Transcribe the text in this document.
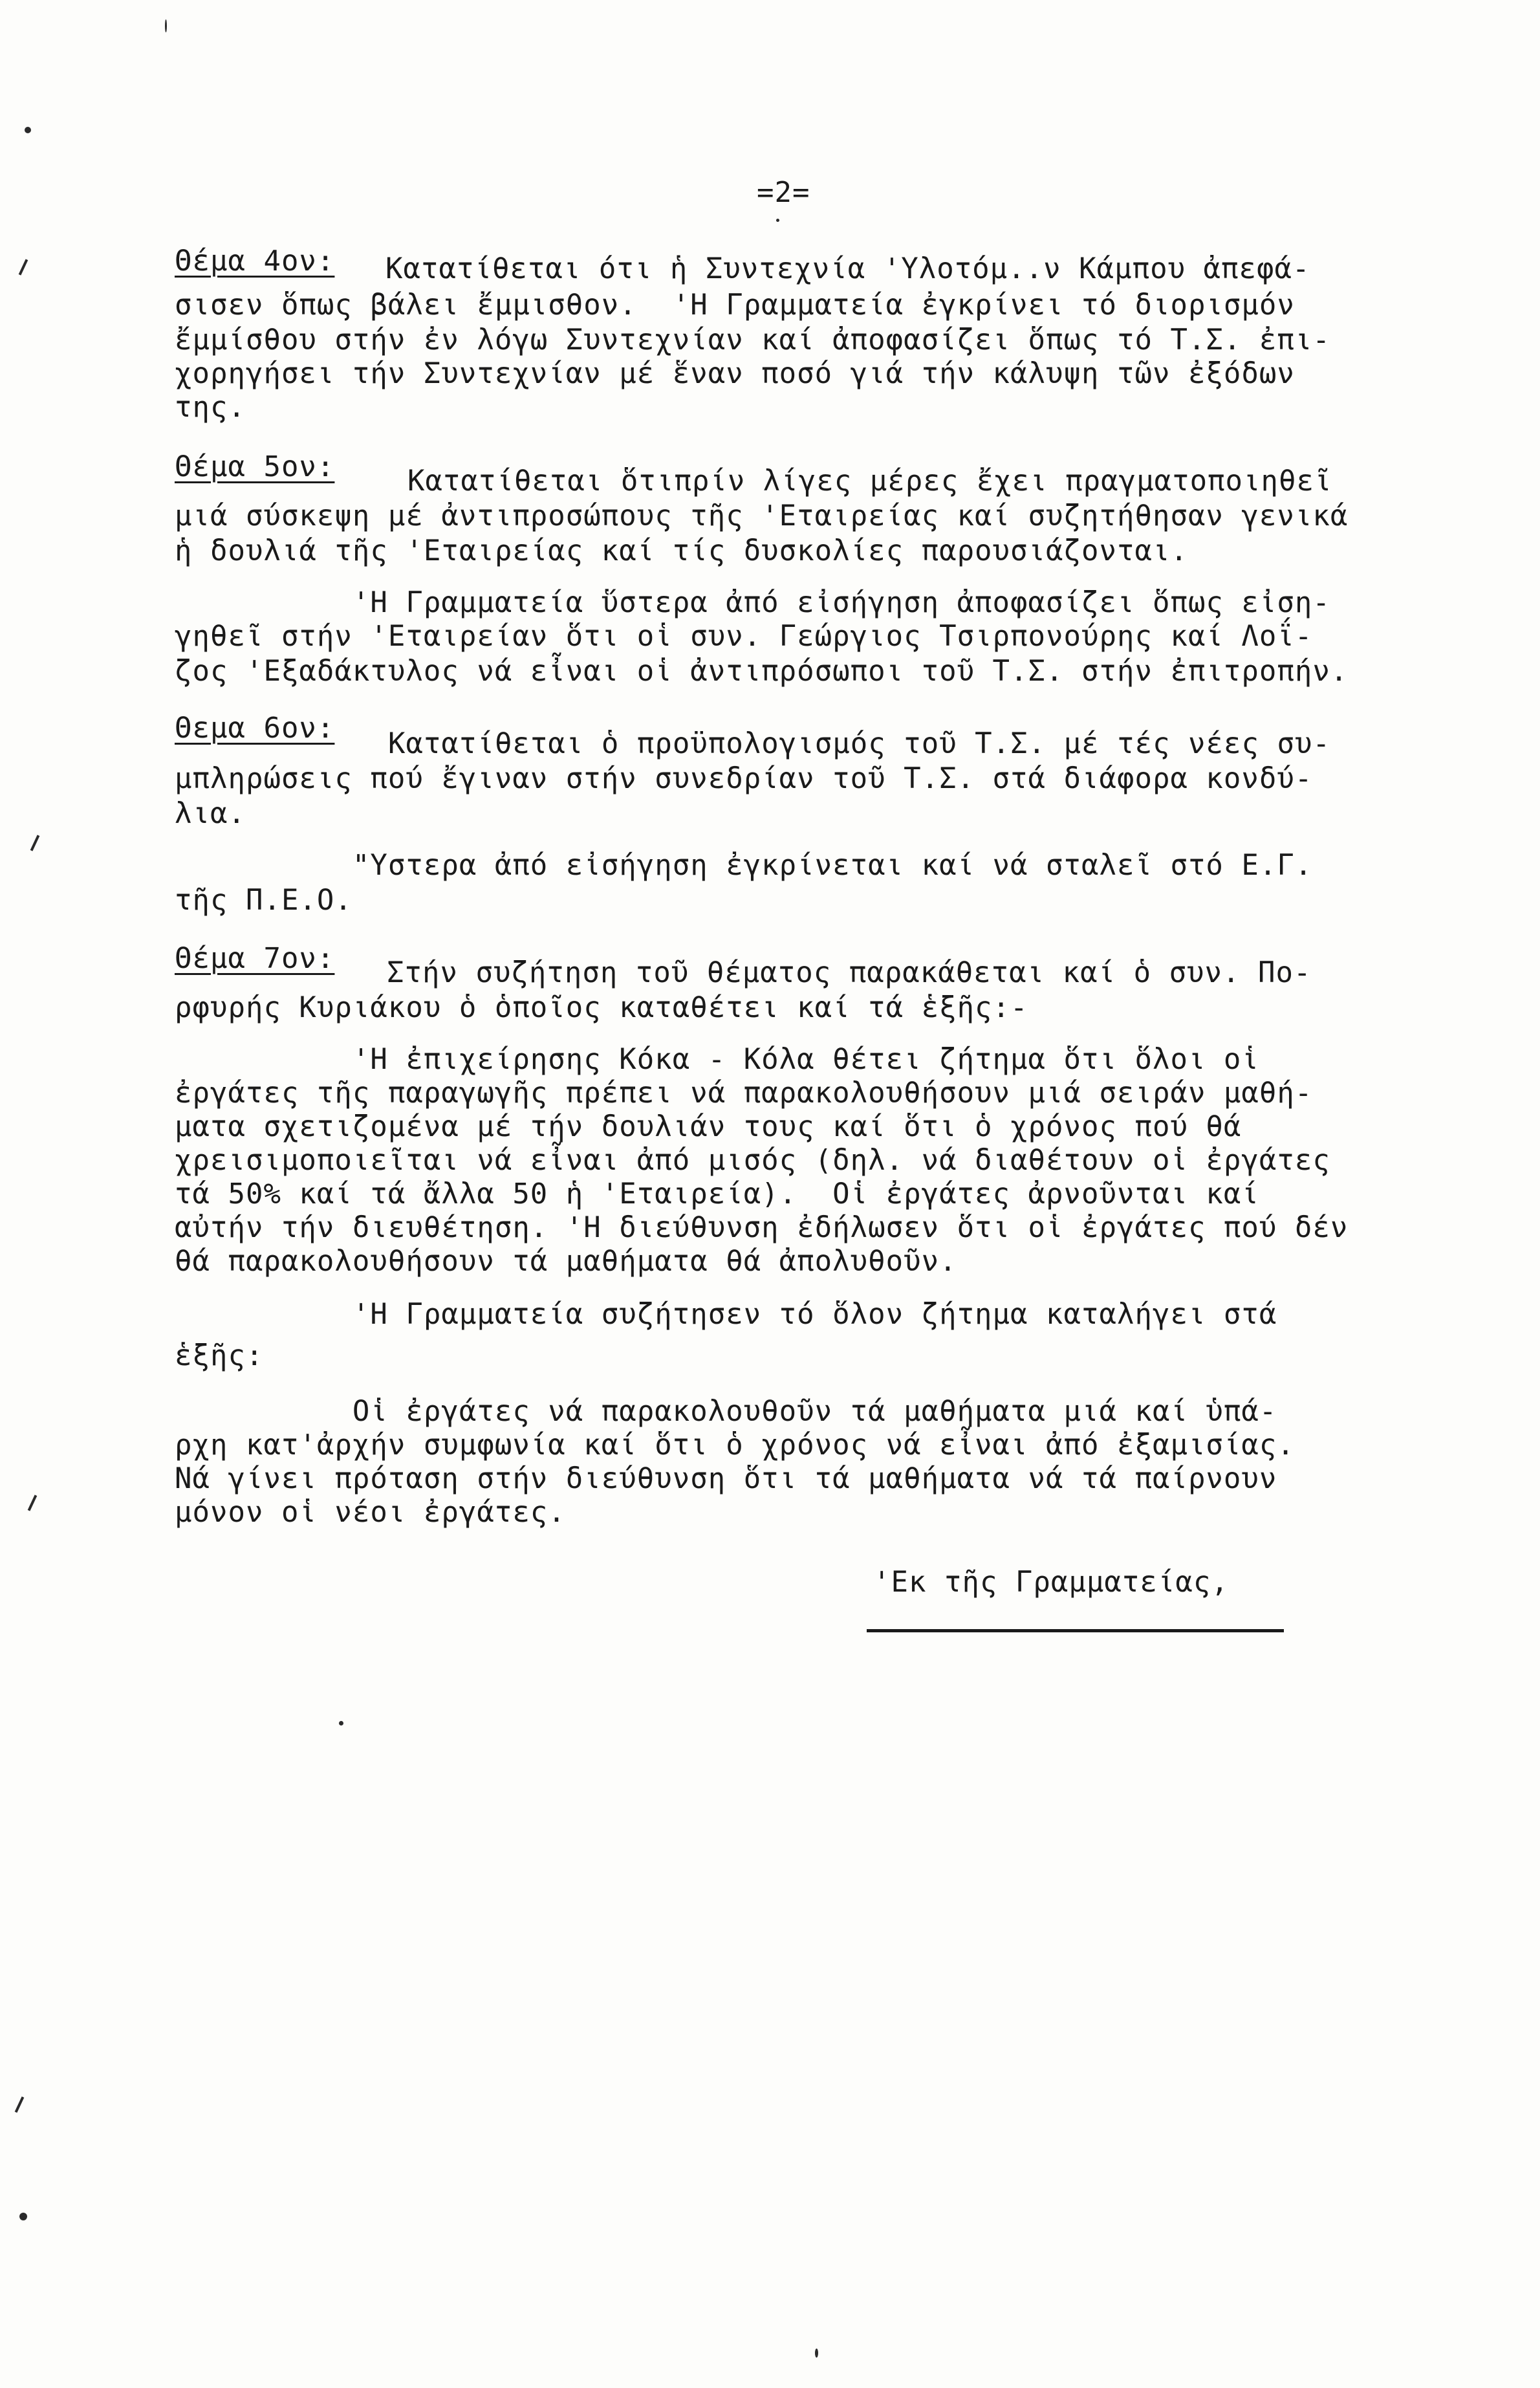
=2=
Θέμα 4ον: Κατατίθεται ότι ἡ Συντεχνία 'Υλοτόμ..ν Κάμπου ἀπεφά-
σισεν ὅπως βάλει ἔμμισθον.  'Η Γραμματεία ἐγκρίνει τό διορισμόν
ἔμμίσθου στήν ἐν λόγω Συντεχνίαν καί ἀποφασίζει ὅπως τό Τ.Σ. ἐπι-
χορηγήσει τήν Συντεχνίαν μέ ἕναν ποσό γιά τήν κάλυψη τῶν ἐξόδων
της.
Θέμα 5ον:	Κατατίθεται ὅτιπρίν λίγες μέρες ἔχει πραγματοποιηθεῖ
μιά σύσκεψη μέ ἀντιπροσώπους τῆς 'Εταιρείας καί συζητήθησαν γενικά
ἡ δουλιά τῆς 'Εταιρείας καί τίς δυσκολίες παρουσιάζονται.
'Η Γραμματεία ὕστερα ἀπό εἰσήγηση ἀποφασίζει ὅπως εἰση-
γηθεῖ στήν 'Εταιρείαν ὅτι οἱ συν. Γεώργιος Τσιρπονούρης καί Λοΐ-
ζος 'Εξαδάκτυλος νά εἶναι οἱ ἀντιπρόσωποι τοῦ Τ.Σ. στήν ἐπιτροπήν.
Θεμα 6ον: Κατατίθεται ὁ προϋπολογισμός τοῦ Τ.Σ. μέ τές νέες συ-
μπληρώσεις πού ἔγιναν στήν συνεδρίαν τοῦ Τ.Σ. στά διάφορα κονδύ-
λια.
"Υστερα ἀπό εἰσήγηση ἐγκρίνεται καί νά σταλεῖ στό Ε.Γ.
τῆς Π.Ε.Ο.
Θέμα 7ον: Στήν συζήτηση τοῦ θέματος παρακάθεται καί ὁ συν. Πο-
ρφυρής Κυριάκου ὁ ὁποῖος καταθέτει καί τά ἑξῆς:-
'Η ἐπιχείρησης Κόκα - Κόλα θέτει ζήτημα ὅτι ὅλοι οἱ
ἐργάτες τῆς παραγωγῆς πρέπει νά παρακολουθήσουν μιά σειράν μαθή-
ματα σχετιζομένα μέ τήν δουλιάν τους καί ὅτι ὁ χρόνος πού θά
χρεισιμοποιεῖται νά εἶναι ἀπό μισός (δηλ. νά διαθέτουν οἱ ἐργάτες
τά 50% καί τά ἄλλα 50 ἡ 'Εταιρεία).  Οἱ ἐργάτες ἀρνοῦνται καί
αὐτήν τήν διευθέτηση. 'Η διεύθυνση ἐδήλωσεν ὅτι οἱ ἐργάτες πού δέν
θά παρακολουθήσουν τά μαθήματα θά ἀπολυθοῦν.
'Η Γραμματεία συζήτησεν τό ὅλον ζήτημα καταλήγει στά
ἑξῆς:
Οἱ ἐργάτες νά παρακολουθοῦν τά μαθήματα μιά καί ὑπά-
ρχη κατ'ἀρχήν συμφωνία καί ὅτι ὁ χρόνος νά εἶναι ἀπό ἐξαμισίας.
Νά γίνει πρόταση στήν διεύθυνση ὅτι τά μαθήματα νά τά παίρνουν
μόνον οἱ νέοι ἐργάτες.
'Εκ τῆς Γραμματείας,
